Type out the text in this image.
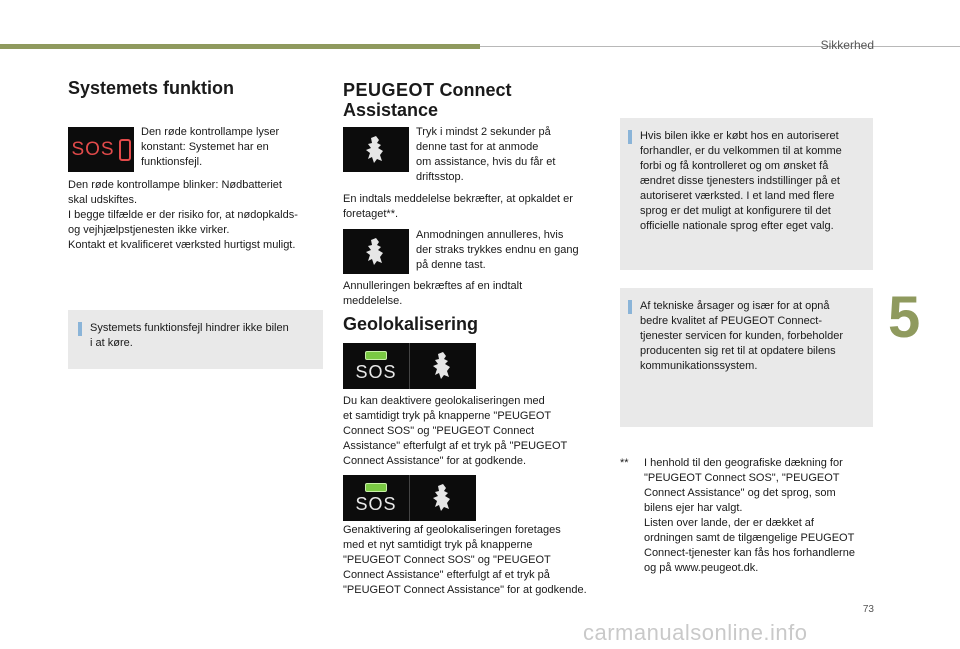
Sikkerhed
5
Systemets funktion
SOS

Den røde kontrollampe lyser

konstant: Systemet har en

funktionsfejl.

Den røde kontrollampe blinker: Nødbatteriet

skal udskiftes.

I begge tilfælde er der risiko for, at nødopkalds-

og vejhjælpstjenesten ikke virker.

Kontakt et kvalificeret værksted hurtigst muligt.

Systemets funktionsfejl hindrer ikke bilen

i at køre.

PEUGEOT Connect
Assistance

Tryk i mindst 2 sekunder på

denne tast for at anmode

om assistance, hvis du får et

driftsstop.

En indtals meddelelse bekræfter, at opkaldet er

foretaget**.

Anmodningen annulleres, hvis

der straks trykkes endnu en gang

på denne tast.

Annulleringen bekræftes af en indtalt

meddelelse.

Geolokalisering
SOS

Du kan deaktivere geolokaliseringen med

et samtidigt tryk på knapperne "PEUGEOT

Connect SOS" og "PEUGEOT Connect

Assistance" efterfulgt af et tryk på "PEUGEOT

Connect Assistance" for at godkende.

SOS

Genaktivering af geolokaliseringen foretages

med et nyt samtidigt tryk på knapperne

"PEUGEOT Connect SOS" og "PEUGEOT

Connect Assistance" efterfulgt af et tryk på

"PEUGEOT Connect Assistance" for at godkende.

Hvis bilen ikke er købt hos en autoriseret

forhandler, er du velkommen til at komme

forbi og få kontrolleret og om ønsket få

ændret disse tjenesters indstillinger på et

autoriseret værksted. I et land med flere

sprog er det muligt at konfigurere til det

officielle nationale sprog efter eget valg.

Af tekniske årsager og især for at opnå

bedre kvalitet af PEUGEOT Connect-

tjenester servicen for kunden, forbeholder

producenten sig ret til at opdatere bilens

kommunikationssystem.

**	I henhold til den geografiske dækning for

"PEUGEOT Connect SOS", "PEUGEOT

Connect Assistance" og det sprog, som

bilens ejer har valgt.

Listen over lande, der er dækket af

ordningen samt de tilgængelige PEUGEOT

Connect-tjenester kan fås hos forhandlerne

og på www.peugeot.dk.

73
carmanualsonline.info
